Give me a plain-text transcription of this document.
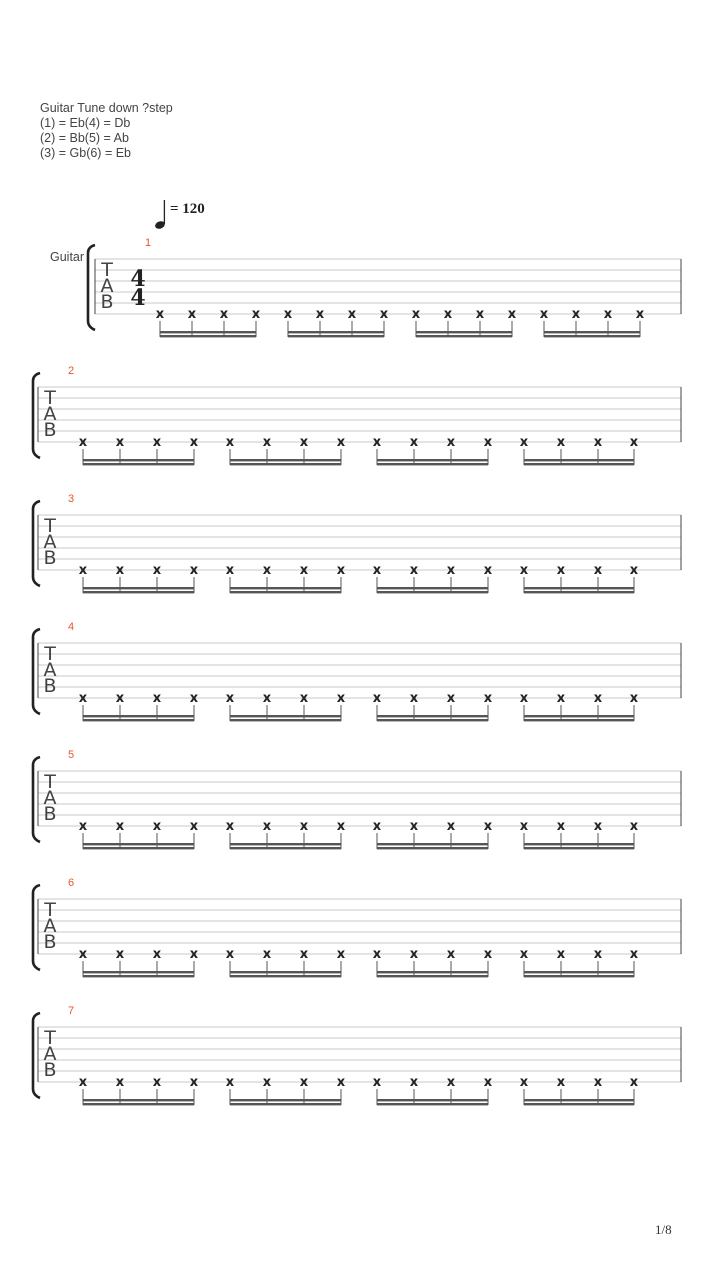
Guitar Tune down ?step
(1) = Eb(4) = Db
(2) = Bb(5) = Ab
(3) = Gb(6) = Eb
= 120
Guitar
T
A
B
4
4
1
x x x x x x x x x x x x x x x x
T
A
B
2
x x x x x x x x x x x x x x x x
T
A
B
3
x x x x x x x x x x x x x x x x
T
A
B
4
x x x x x x x x x x x x x x x x
T
A
B
5
x x x x x x x x x x x x x x x x
T
A
B
6
x x x x x x x x x x x x x x x x
T
A
B
7
x x x x x x x x x x x x x x x x
1/8
